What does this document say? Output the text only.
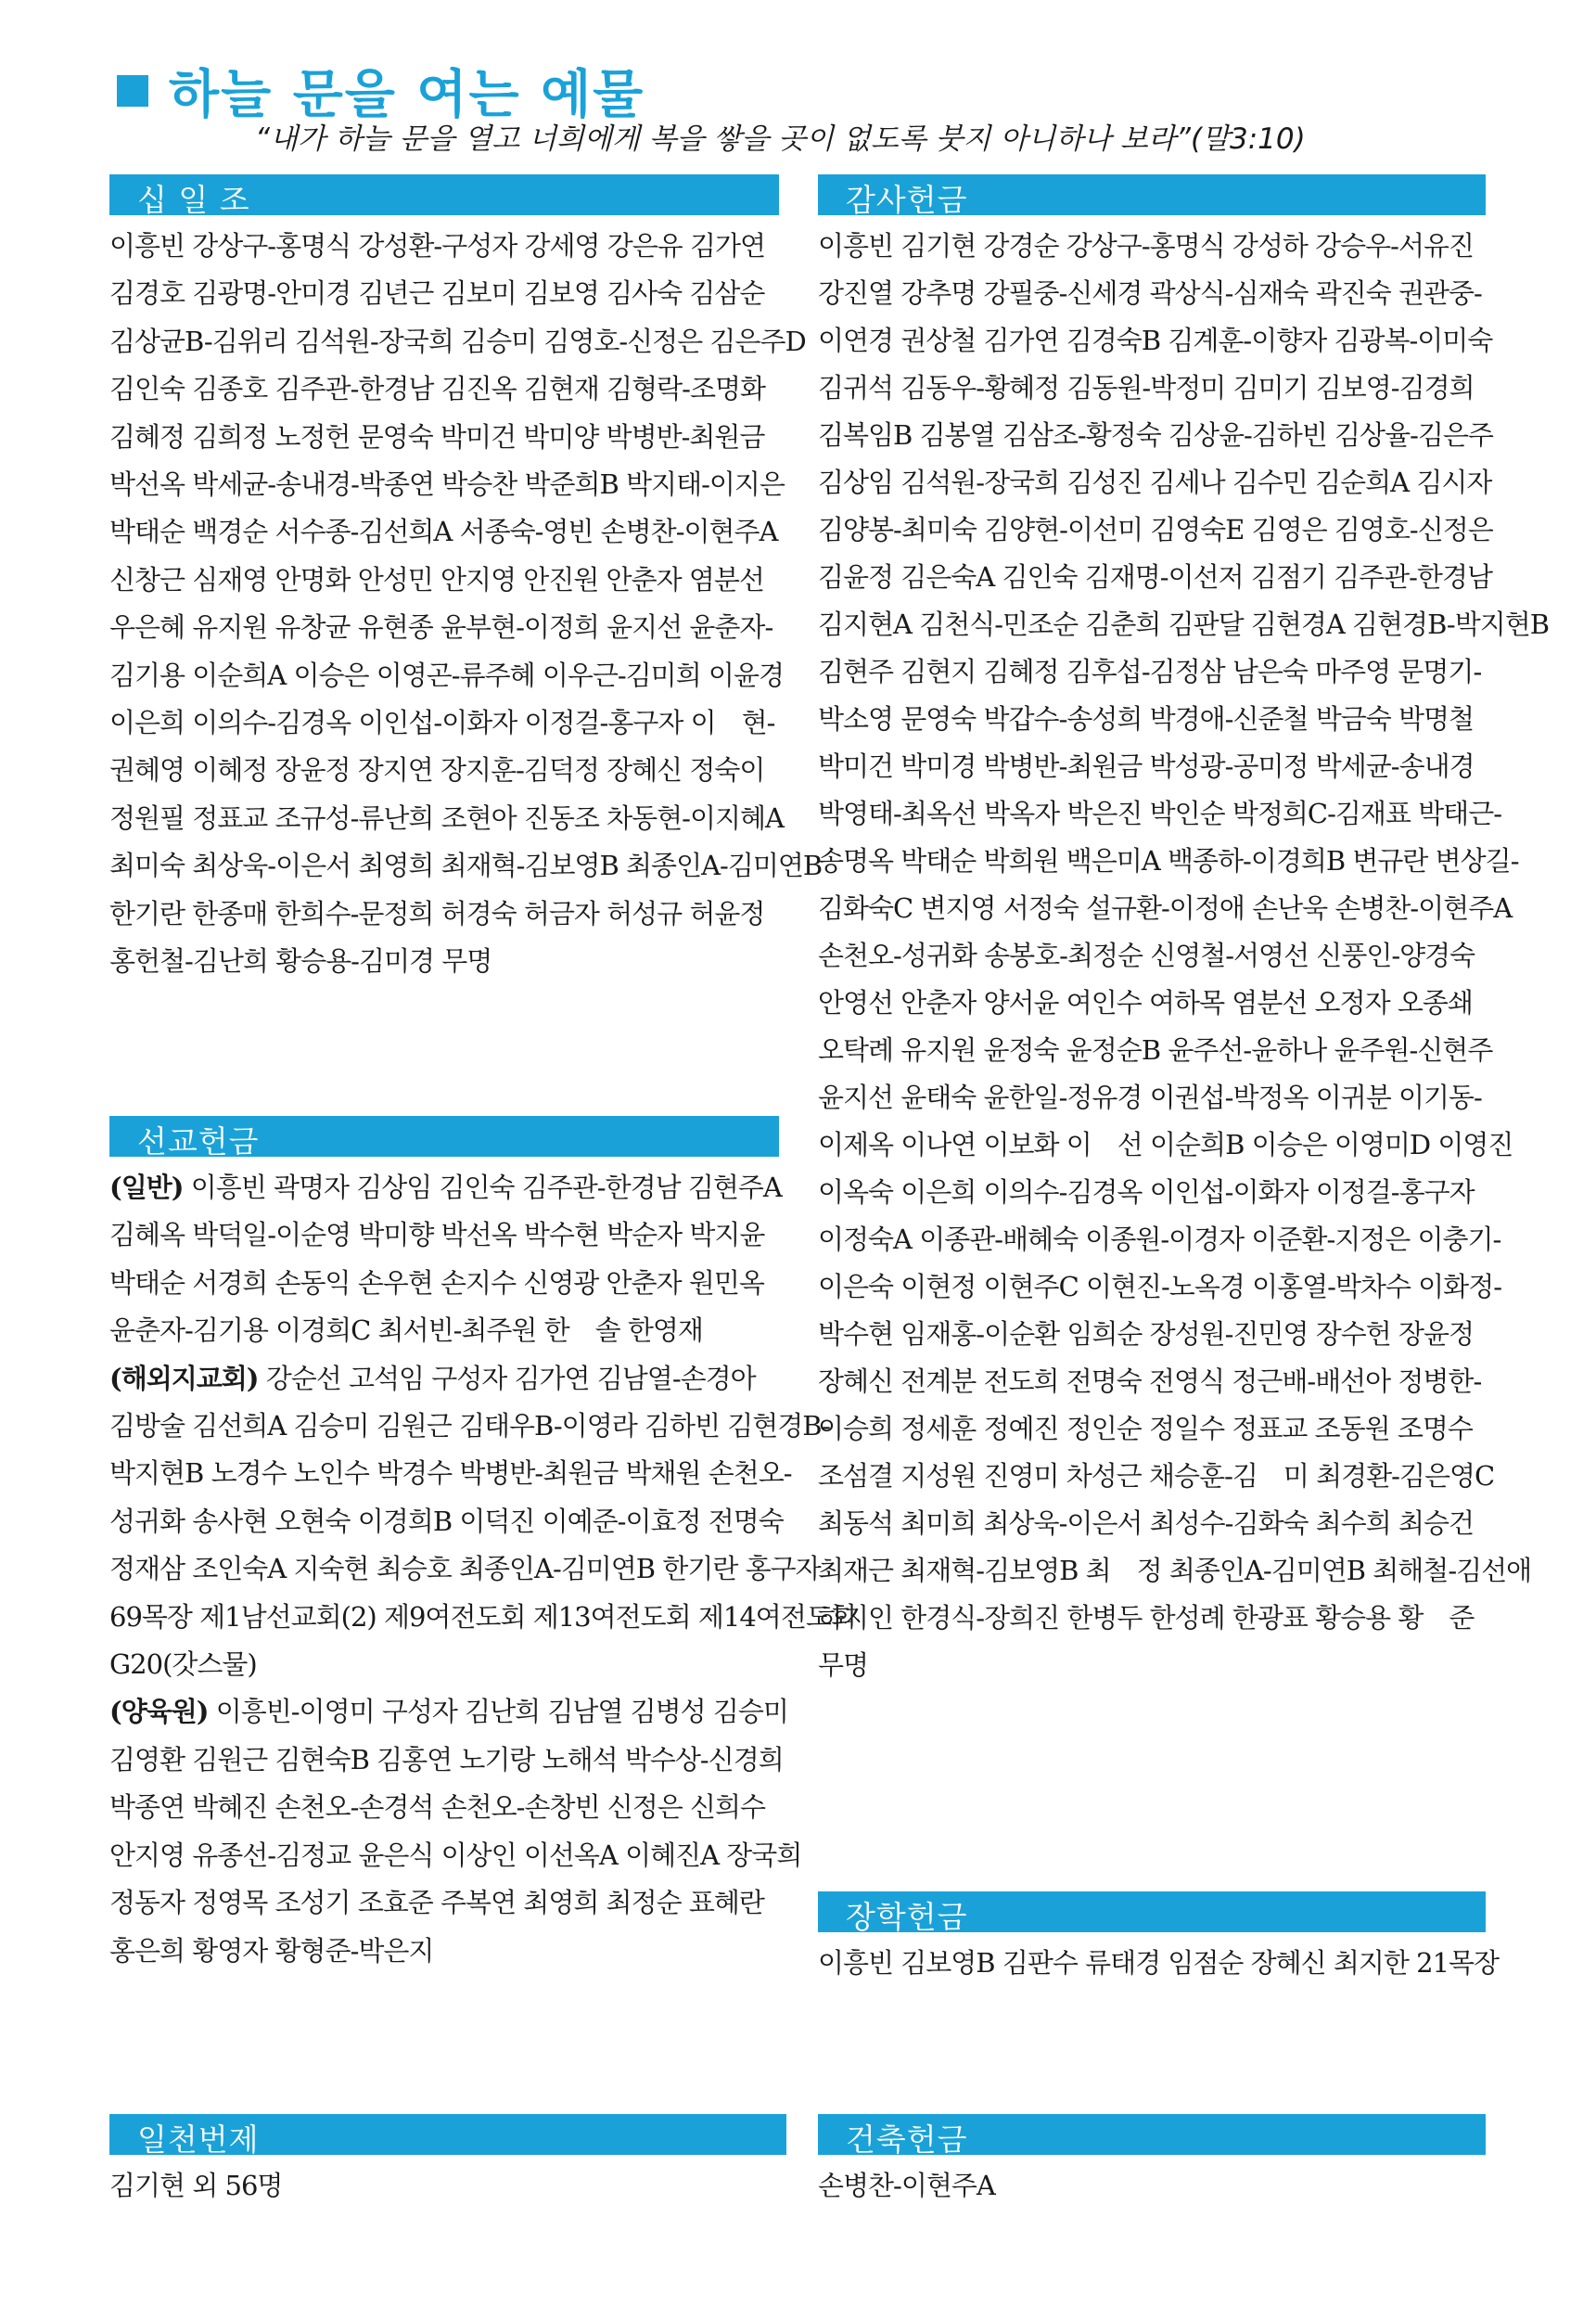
하늘 문을 여는 예물
“내가 하늘 문을 열고 너희에게 복을 쌓을 곳이 없도록 붓지 아니하나 보라”(말3:10)
십 일 조
이흥빈 강상구-홍명식 강성환-구성자 강세영 강은유 김가연
김경호 김광명-안미경 김년근 김보미 김보영 김사숙 김삼순
김상균B-김위리 김석원-장국희 김승미 김영호-신정은 김은주D
김인숙 김종호 김주관-한경남 김진옥 김현재 김형락-조명화
김혜정 김희정 노정헌 문영숙 박미건 박미양 박병반-최원금
박선옥 박세균-송내경-박종연 박승찬 박준희B 박지태-이지은
박태순 백경순 서수종-김선희A 서종숙-영빈 손병찬-이현주A
신창근 심재영 안명화 안성민 안지영 안진원 안춘자 염분선
우은혜 유지원 유창균 유현종 윤부현-이정희 윤지선 윤춘자-
김기용 이순희A 이승은 이영곤-류주혜 이우근-김미희 이윤경
이은희 이의수-김경옥 이인섭-이화자 이정걸-홍구자 이　현-
권혜영 이혜정 장윤정 장지연 장지훈-김덕정 장혜신 정숙이
정원필 정표교 조규성-류난희 조현아 진동조 차동현-이지혜A
최미숙 최상욱-이은서 최영희 최재혁-김보영B 최종인A-김미연B
한기란 한종매 한희수-문정희 허경숙 허금자 허성규 허윤정
홍헌철-김난희 황승용-김미경 무명
선교헌금
(일반) 이흥빈 곽명자 김상임 김인숙 김주관-한경남 김현주A
김혜옥 박덕일-이순영 박미향 박선옥 박수현 박순자 박지윤
박태순 서경희 손동익 손우현 손지수 신영광 안춘자 원민옥
윤춘자-김기용 이경희C 최서빈-최주원 한　솔 한영재
(해외지교회) 강순선 고석임 구성자 김가연 김남열-손경아
김방술 김선희A 김승미 김원근 김태우B-이영라 김하빈 김현경B-
박지현B 노경수 노인수 박경수 박병반-최원금 박채원 손천오-
성귀화 송사현 오현숙 이경희B 이덕진 이예준-이효정 전명숙
정재삼 조인숙A 지숙현 최승호 최종인A-김미연B 한기란 홍구자
69목장 제1남선교회(2) 제9여전도회 제13여전도회 제14여전도회
G20(갓스물)
(양육원) 이흥빈-이영미 구성자 김난희 김남열 김병성 김승미
김영환 김원근 김현숙B 김홍연 노기랑 노해석 박수상-신경희
박종연 박혜진 손천오-손경석 손천오-손창빈 신정은 신희수
안지영 유종선-김정교 윤은식 이상인 이선옥A 이혜진A 장국희
정동자 정영목 조성기 조효준 주복연 최영희 최정순 표혜란
홍은희 황영자 황형준-박은지
일천번제
김기현 외 56명
감사헌금
이흥빈 김기현 강경순 강상구-홍명식 강성하 강승우-서유진
강진열 강추명 강필중-신세경 곽상식-심재숙 곽진숙 권관중-
이연경 권상철 김가연 김경숙B 김계훈-이향자 김광복-이미숙
김귀석 김동우-황혜정 김동원-박정미 김미기 김보영-김경희
김복임B 김봉열 김삼조-황정숙 김상윤-김하빈 김상율-김은주
김상임 김석원-장국희 김성진 김세나 김수민 김순희A 김시자
김양봉-최미숙 김양현-이선미 김영숙E 김영은 김영호-신정은
김윤정 김은숙A 김인숙 김재명-이선저 김점기 김주관-한경남
김지현A 김천식-민조순 김춘희 김판달 김현경A 김현경B-박지현B
김현주 김현지 김혜정 김후섭-김정삼 남은숙 마주영 문명기-
박소영 문영숙 박갑수-송성희 박경애-신준철 박금숙 박명철
박미건 박미경 박병반-최원금 박성광-공미정 박세균-송내경
박영태-최옥선 박옥자 박은진 박인순 박정희C-김재표 박태근-
송명옥 박태순 박희원 백은미A 백종하-이경희B 변규란 변상길-
김화숙C 변지영 서정숙 설규환-이정애 손난욱 손병찬-이현주A
손천오-성귀화 송봉호-최정순 신영철-서영선 신풍인-양경숙
안영선 안춘자 양서윤 여인수 여하목 염분선 오정자 오종쇄
오탁례 유지원 윤정숙 윤정순B 윤주선-윤하나 윤주원-신현주
윤지선 윤태숙 윤한일-정유경 이권섭-박정옥 이귀분 이기동-
이제옥 이나연 이보화 이　선 이순희B 이승은 이영미D 이영진
이옥숙 이은희 이의수-김경옥 이인섭-이화자 이정걸-홍구자
이정숙A 이종관-배혜숙 이종원-이경자 이준환-지정은 이충기-
이은숙 이현정 이현주C 이현진-노옥경 이홍열-박차수 이화정-
박수현 임재홍-이순환 임희순 장성원-진민영 장수헌 장윤정
장혜신 전계분 전도희 전명숙 전영식 정근배-배선아 정병한-
이승희 정세훈 정예진 정인순 정일수 정표교 조동원 조명수
조섬결 지성원 진영미 차성근 채승훈-김　미 최경환-김은영C
최동석 최미희 최상욱-이은서 최성수-김화숙 최수희 최승건
최재근 최재혁-김보영B 최　정 최종인A-김미연B 최해철-김선애
하지인 한경식-장희진 한병두 한성례 한광표 황승용 황　준
무명
장학헌금
이흥빈 김보영B 김판수 류태경 임점순 장혜신 최지한 21목장
건축헌금
손병찬-이현주A
